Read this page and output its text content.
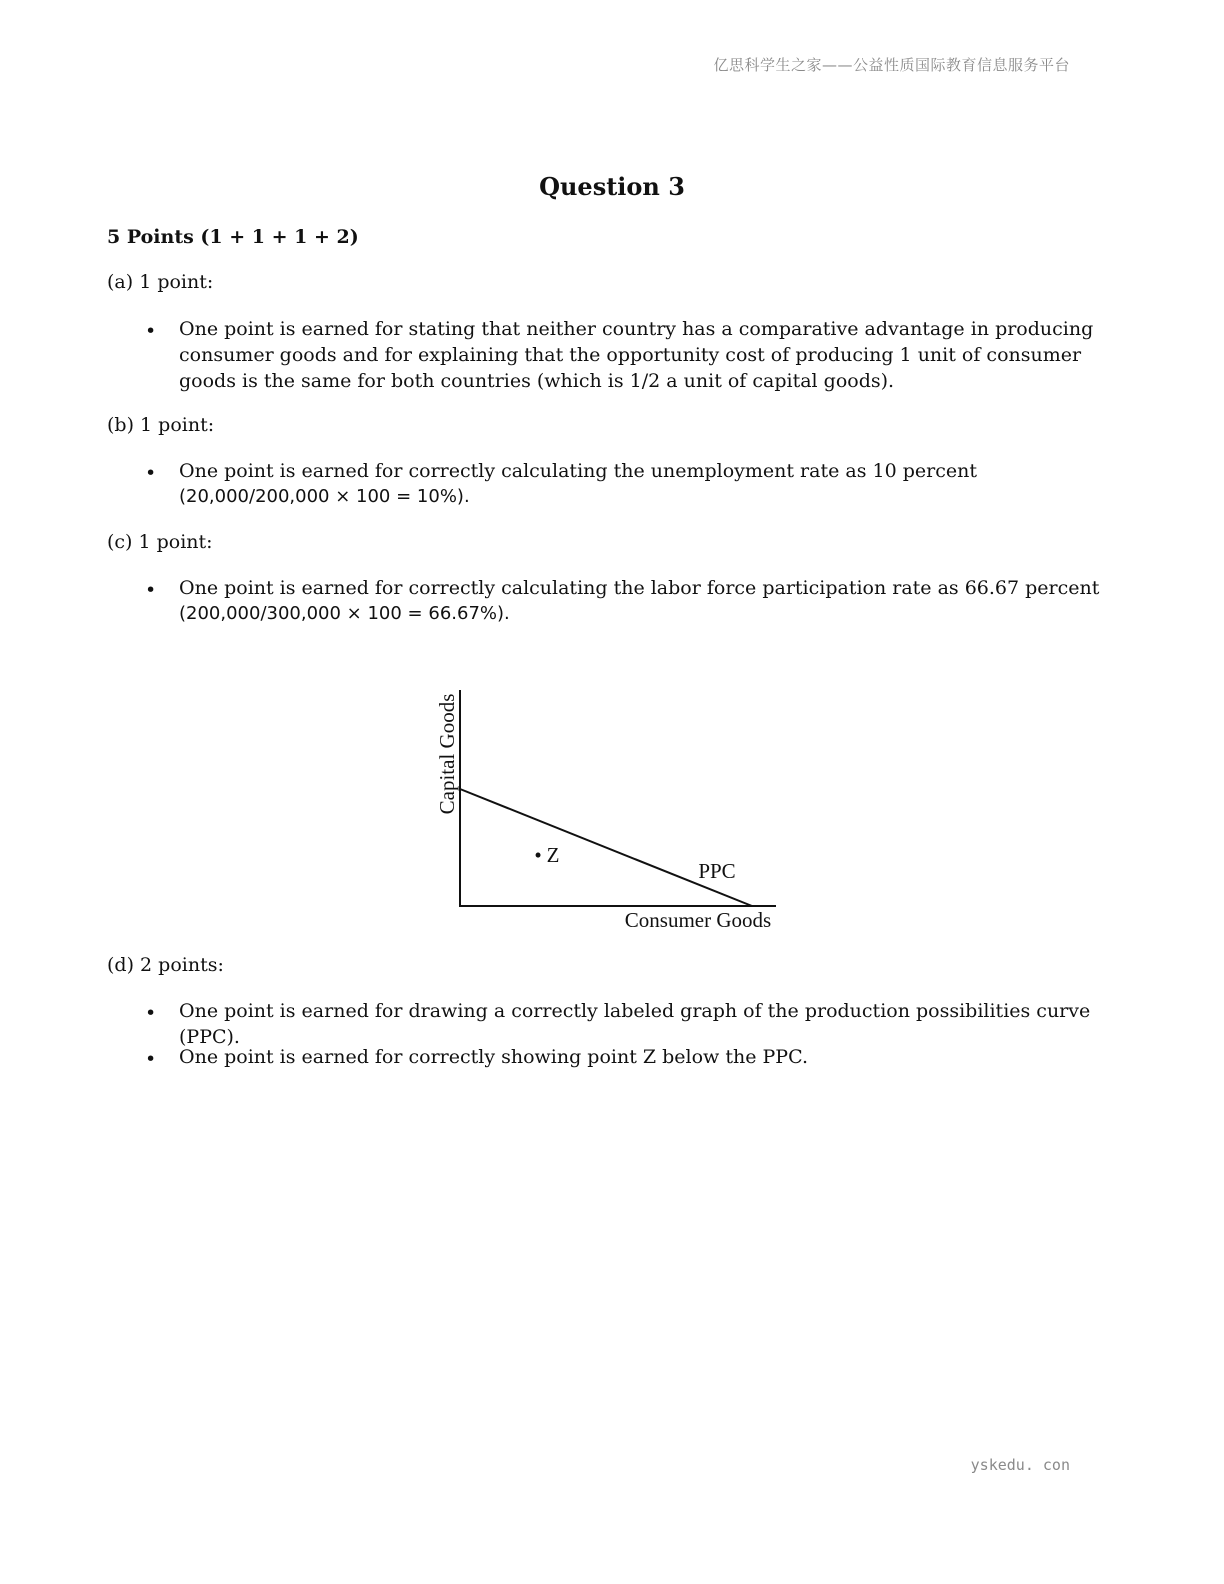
亿思科学生之家——公益性质国际教育信息服务平台
Question 3
5 Points (1 + 1 + 1 + 2)
(a) 1 point:
• One point is earned for stating that neither country has a comparative advantage in producing consumer goods and for explaining that the opportunity cost of producing 1 unit of consumer goods is the same for both countries (which is 1/2 a unit of capital goods).
(b) 1 point:
• One point is earned for correctly calculating the unemployment rate as 10 percent
(20,000/200,000 × 100 = 10%).
(c) 1 point:
• One point is earned for correctly calculating the labor force participation rate as 66.67 percent
(200,000/300,000 × 100 = 66.67%).
Capital Goods
Consumer Goods
PPC
• Z
(d) 2 points:
• One point is earned for drawing a correctly labeled graph of the production possibilities curve (PPC).
• One point is earned for correctly showing point Z below the PPC.
yskedu. con
